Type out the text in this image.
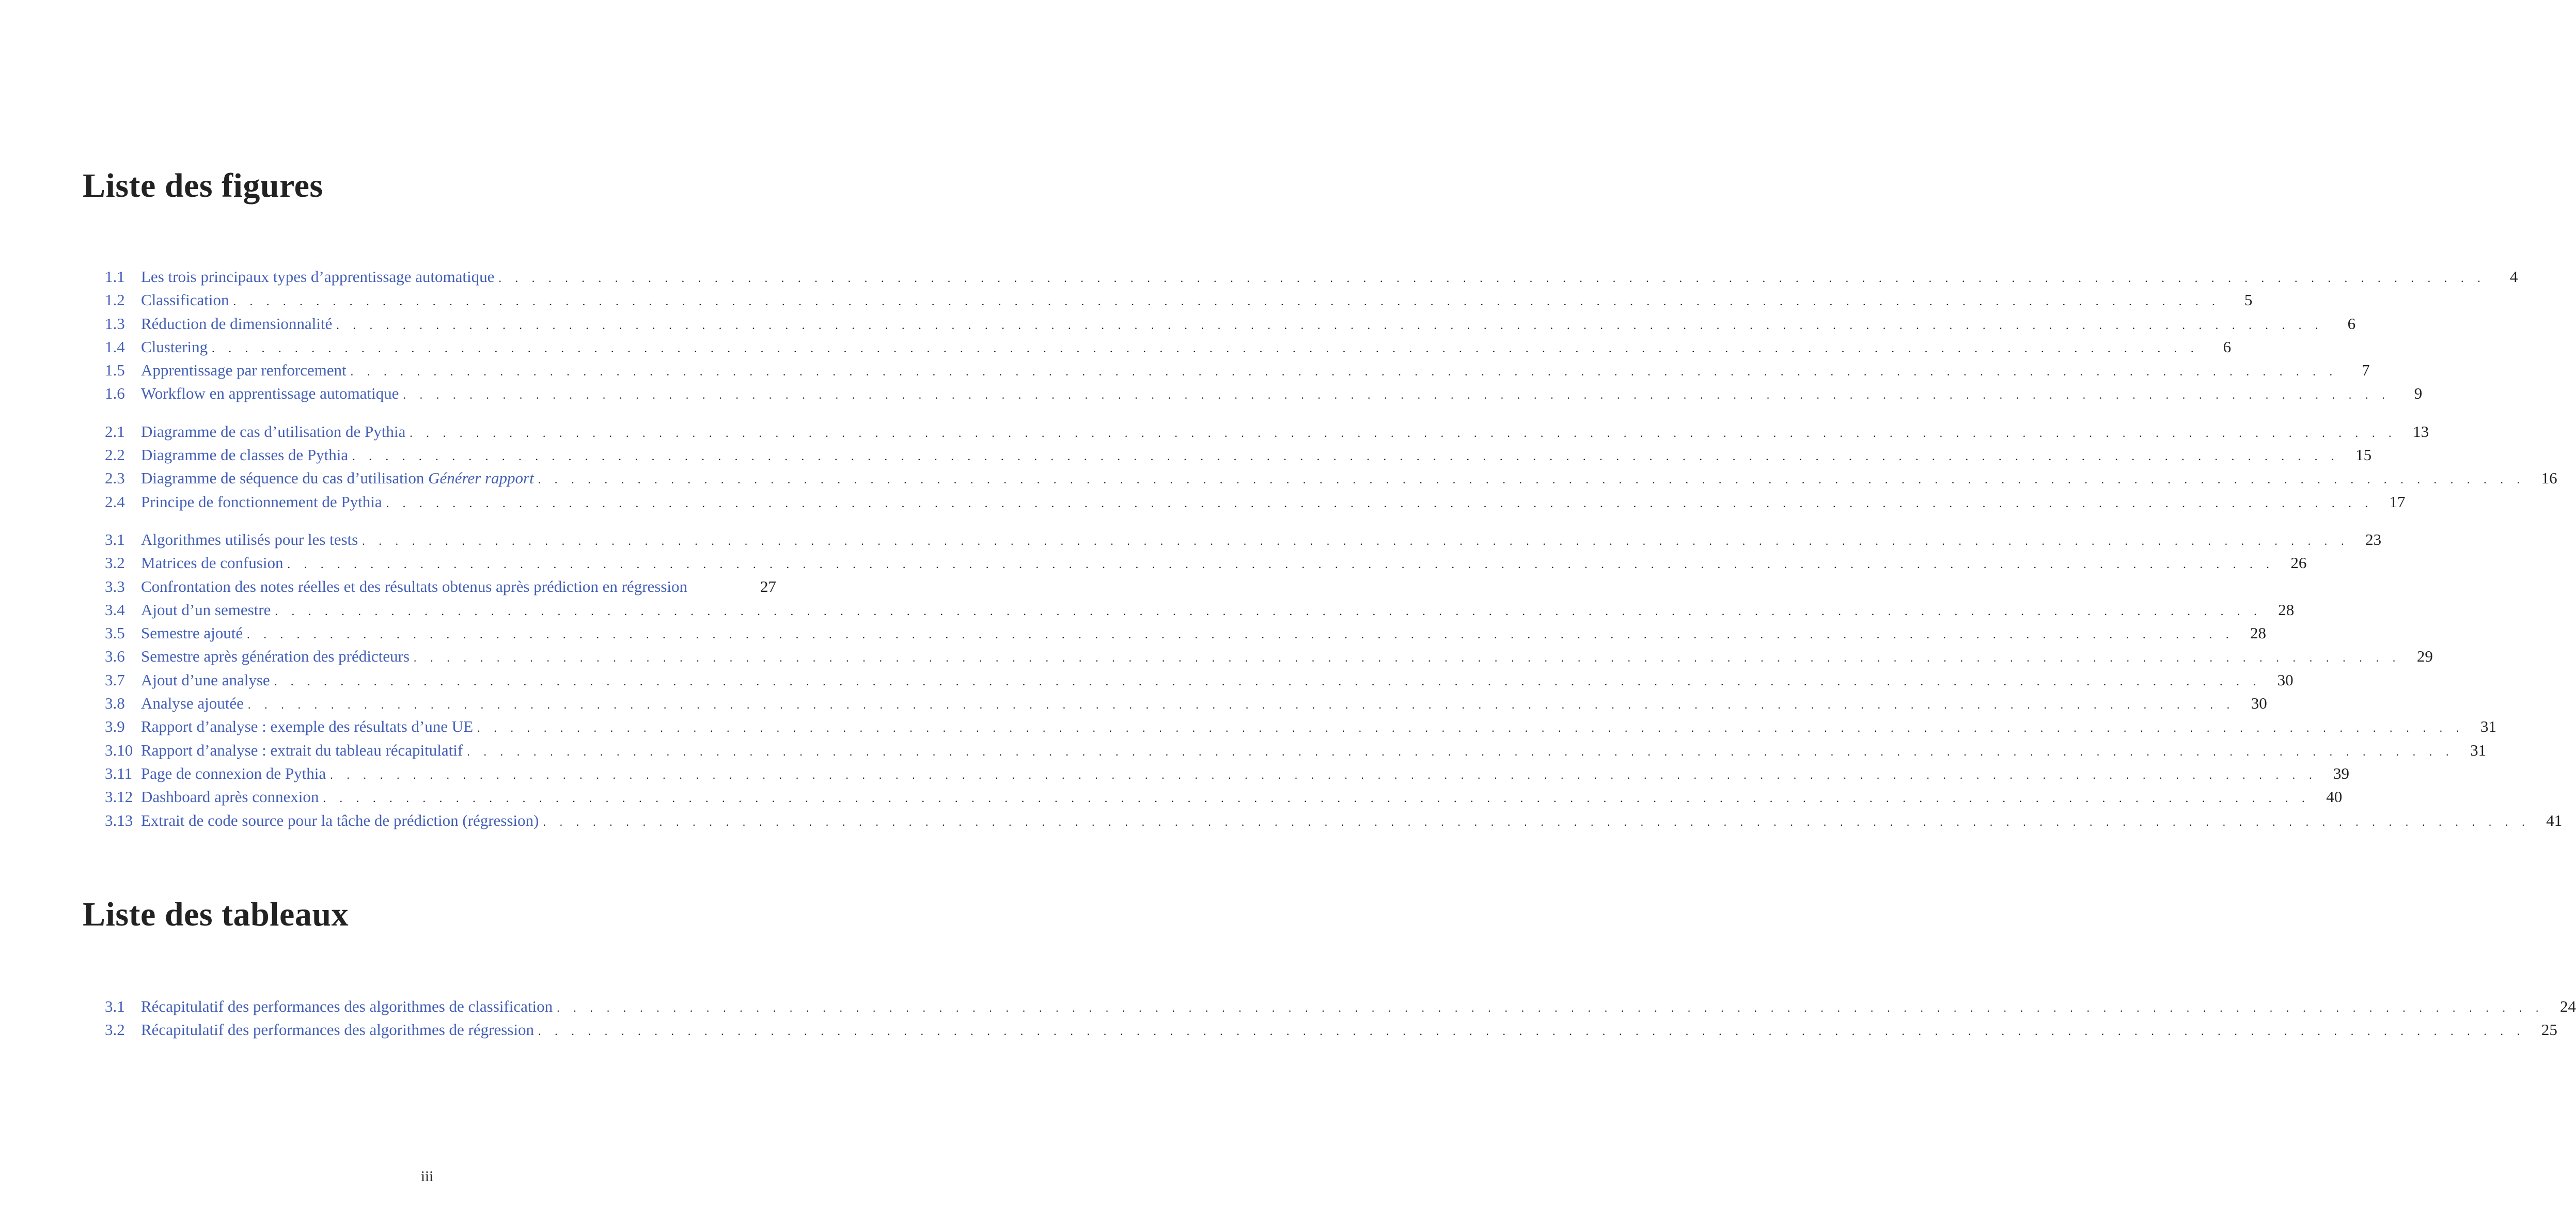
Liste des figures
1.1	Les trois principaux types d’apprentissage automatique . . . . . . . . . . . . . . . . . . . . . . . . . . . . . . . . . . . . . . . . . . . . . . . . . . . . . . . . . . . . . . . . . . . . . . . . . . . . . . . . . . . . . . . . . . . . . . . . . . . . . . . . . . . . . . . . . . . . . . . .	4
1.2	Classification . . . . . . . . . . . . . . . . . . . . . . . . . . . . . . . . . . . . . . . . . . . . . . . . . . . . . . . . . . . . . . . . . . . . . . . . . . . . . . . . . . . . . . . . . . . . . . . . . . . . . . . . . . . . . . . . . . . . . . . .	5
1.3	Réduction de dimensionnalité . . . . . . . . . . . . . . . . . . . . . . . . . . . . . . . . . . . . . . . . . . . . . . . . . . . . . . . . . . . . . . . . . . . . . . . . . . . . . . . . . . . . . . . . . . . . . . . . . . . . . . . . . . . . . . . . . . . . . . . .	6
1.4	Clustering . . . . . . . . . . . . . . . . . . . . . . . . . . . . . . . . . . . . . . . . . . . . . . . . . . . . . . . . . . . . . . . . . . . . . . . . . . . . . . . . . . . . . . . . . . . . . . . . . . . . . . . . . . . . . . . . . . . . . . . .	6
1.5	Apprentissage par renforcement . . . . . . . . . . . . . . . . . . . . . . . . . . . . . . . . . . . . . . . . . . . . . . . . . . . . . . . . . . . . . . . . . . . . . . . . . . . . . . . . . . . . . . . . . . . . . . . . . . . . . . . . . . . . . . . . . . . . . . . .	7
1.6	Workflow en apprentissage automatique . . . . . . . . . . . . . . . . . . . . . . . . . . . . . . . . . . . . . . . . . . . . . . . . . . . . . . . . . . . . . . . . . . . . . . . . . . . . . . . . . . . . . . . . . . . . . . . . . . . . . . . . . . . . . . . . . . . . . . . .	9
2.1	Diagramme de cas d’utilisation de Pythia . . . . . . . . . . . . . . . . . . . . . . . . . . . . . . . . . . . . . . . . . . . . . . . . . . . . . . . . . . . . . . . . . . . . . . . . . . . . . . . . . . . . . . . . . . . . . . . . . . . . . . . . . . . . . . . . . . . . . . . . 13
2.2	Diagramme de classes de Pythia . . . . . . . . . . . . . . . . . . . . . . . . . . . . . . . . . . . . . . . . . . . . . . . . . . . . . . . . . . . . . . . . . . . . . . . . . . . . . . . . . . . . . . . . . . . . . . . . . . . . . . . . . . . . . . . . . . . . . . . . 15
2.3	Diagramme de séquence du cas d’utilisation Générer rapport . . . . . . . . . . . . . . . . . . . . . . . . . . . . . . . . . . . . . . . . . . . . . . . . . . . . . . . . . . . . . . . . . . . . . . . . . . . . . . . . . . . . . . . . . . . . . . . . . . . . . . . . . . . . . . . . . . . . . . . . 16
2.4	Principe de fonctionnement de Pythia . . . . . . . . . . . . . . . . . . . . . . . . . . . . . . . . . . . . . . . . . . . . . . . . . . . . . . . . . . . . . . . . . . . . . . . . . . . . . . . . . . . . . . . . . . . . . . . . . . . . . . . . . . . . . . . . . . . . . . . . 17
3.1	Algorithmes utilisés pour les tests . . . . . . . . . . . . . . . . . . . . . . . . . . . . . . . . . . . . . . . . . . . . . . . . . . . . . . . . . . . . . . . . . . . . . . . . . . . . . . . . . . . . . . . . . . . . . . . . . . . . . . . . . . . . . . . . . . . . . . . . 23
3.2	Matrices de confusion . . . . . . . . . . . . . . . . . . . . . . . . . . . . . . . . . . . . . . . . . . . . . . . . . . . . . . . . . . . . . . . . . . . . . . . . . . . . . . . . . . . . . . . . . . . . . . . . . . . . . . . . . . . . . . . . . . . . . . . . 26
3.3	Confrontation des notes réelles et des résultats obtenus après prédiction en régression	27
3.4	Ajout d’un semestre . . . . . . . . . . . . . . . . . . . . . . . . . . . . . . . . . . . . . . . . . . . . . . . . . . . . . . . . . . . . . . . . . . . . . . . . . . . . . . . . . . . . . . . . . . . . . . . . . . . . . . . . . . . . . . . . . . . . . . . . 28
3.5	Semestre ajouté . . . . . . . . . . . . . . . . . . . . . . . . . . . . . . . . . . . . . . . . . . . . . . . . . . . . . . . . . . . . . . . . . . . . . . . . . . . . . . . . . . . . . . . . . . . . . . . . . . . . . . . . . . . . . . . . . . . . . . . . 28
3.6	Semestre après génération des prédicteurs . . . . . . . . . . . . . . . . . . . . . . . . . . . . . . . . . . . . . . . . . . . . . . . . . . . . . . . . . . . . . . . . . . . . . . . . . . . . . . . . . . . . . . . . . . . . . . . . . . . . . . . . . . . . . . . . . . . . . . . . 29
3.7	Ajout d’une analyse . . . . . . . . . . . . . . . . . . . . . . . . . . . . . . . . . . . . . . . . . . . . . . . . . . . . . . . . . . . . . . . . . . . . . . . . . . . . . . . . . . . . . . . . . . . . . . . . . . . . . . . . . . . . . . . . . . . . . . . . 30
3.8	Analyse ajoutée . . . . . . . . . . . . . . . . . . . . . . . . . . . . . . . . . . . . . . . . . . . . . . . . . . . . . . . . . . . . . . . . . . . . . . . . . . . . . . . . . . . . . . . . . . . . . . . . . . . . . . . . . . . . . . . . . . . . . . . . 30
3.9	Rapport d’analyse : exemple des résultats d’une UE . . . . . . . . . . . . . . . . . . . . . . . . . . . . . . . . . . . . . . . . . . . . . . . . . . . . . . . . . . . . . . . . . . . . . . . . . . . . . . . . . . . . . . . . . . . . . . . . . . . . . . . . . . . . . . . . . . . . . . . . 31
3.10 Rapport d’analyse : extrait du tableau récapitulatif . . . . . . . . . . . . . . . . . . . . . . . . . . . . . . . . . . . . . . . . . . . . . . . . . . . . . . . . . . . . . . . . . . . . . . . . . . . . . . . . . . . . . . . . . . . . . . . . . . . . . . . . . . . . . . . . . . . . . . . . 31
3.11 Page de connexion de Pythia . . . . . . . . . . . . . . . . . . . . . . . . . . . . . . . . . . . . . . . . . . . . . . . . . . . . . . . . . . . . . . . . . . . . . . . . . . . . . . . . . . . . . . . . . . . . . . . . . . . . . . . . . . . . . . . . . . . . . . . . 39
3.12 Dashboard après connexion . . . . . . . . . . . . . . . . . . . . . . . . . . . . . . . . . . . . . . . . . . . . . . . . . . . . . . . . . . . . . . . . . . . . . . . . . . . . . . . . . . . . . . . . . . . . . . . . . . . . . . . . . . . . . . . . . . . . . . . . 40
3.13 Extrait de code source pour la tâche de prédiction (régression) . . . . . . . . . . . . . . . . . . . . . . . . . . . . . . . . . . . . . . . . . . . . . . . . . . . . . . . . . . . . . . . . . . . . . . . . . . . . . . . . . . . . . . . . . . . . . . . . . . . . . . . . . . . . . . . . . . . . . . . . 41
Liste des tableaux
3.1	Récapitulatif des performances des algorithmes de classification . . . . . . . . . . . . . . . . . . . . . . . . . . . . . . . . . . . . . . . . . . . . . . . . . . . . . . . . . . . . . . . . . . . . . . . . . . . . . . . . . . . . . . . . . . . . . . . . . . . . . . . . . . . . . . . . . . . . . . . . 24
3.2	Récapitulatif des performances des algorithmes de régression . . . . . . . . . . . . . . . . . . . . . . . . . . . . . . . . . . . . . . . . . . . . . . . . . . . . . . . . . . . . . . . . . . . . . . . . . . . . . . . . . . . . . . . . . . . . . . . . . . . . . . . . . . . . . . . . . . . . . . . . 25
iii
